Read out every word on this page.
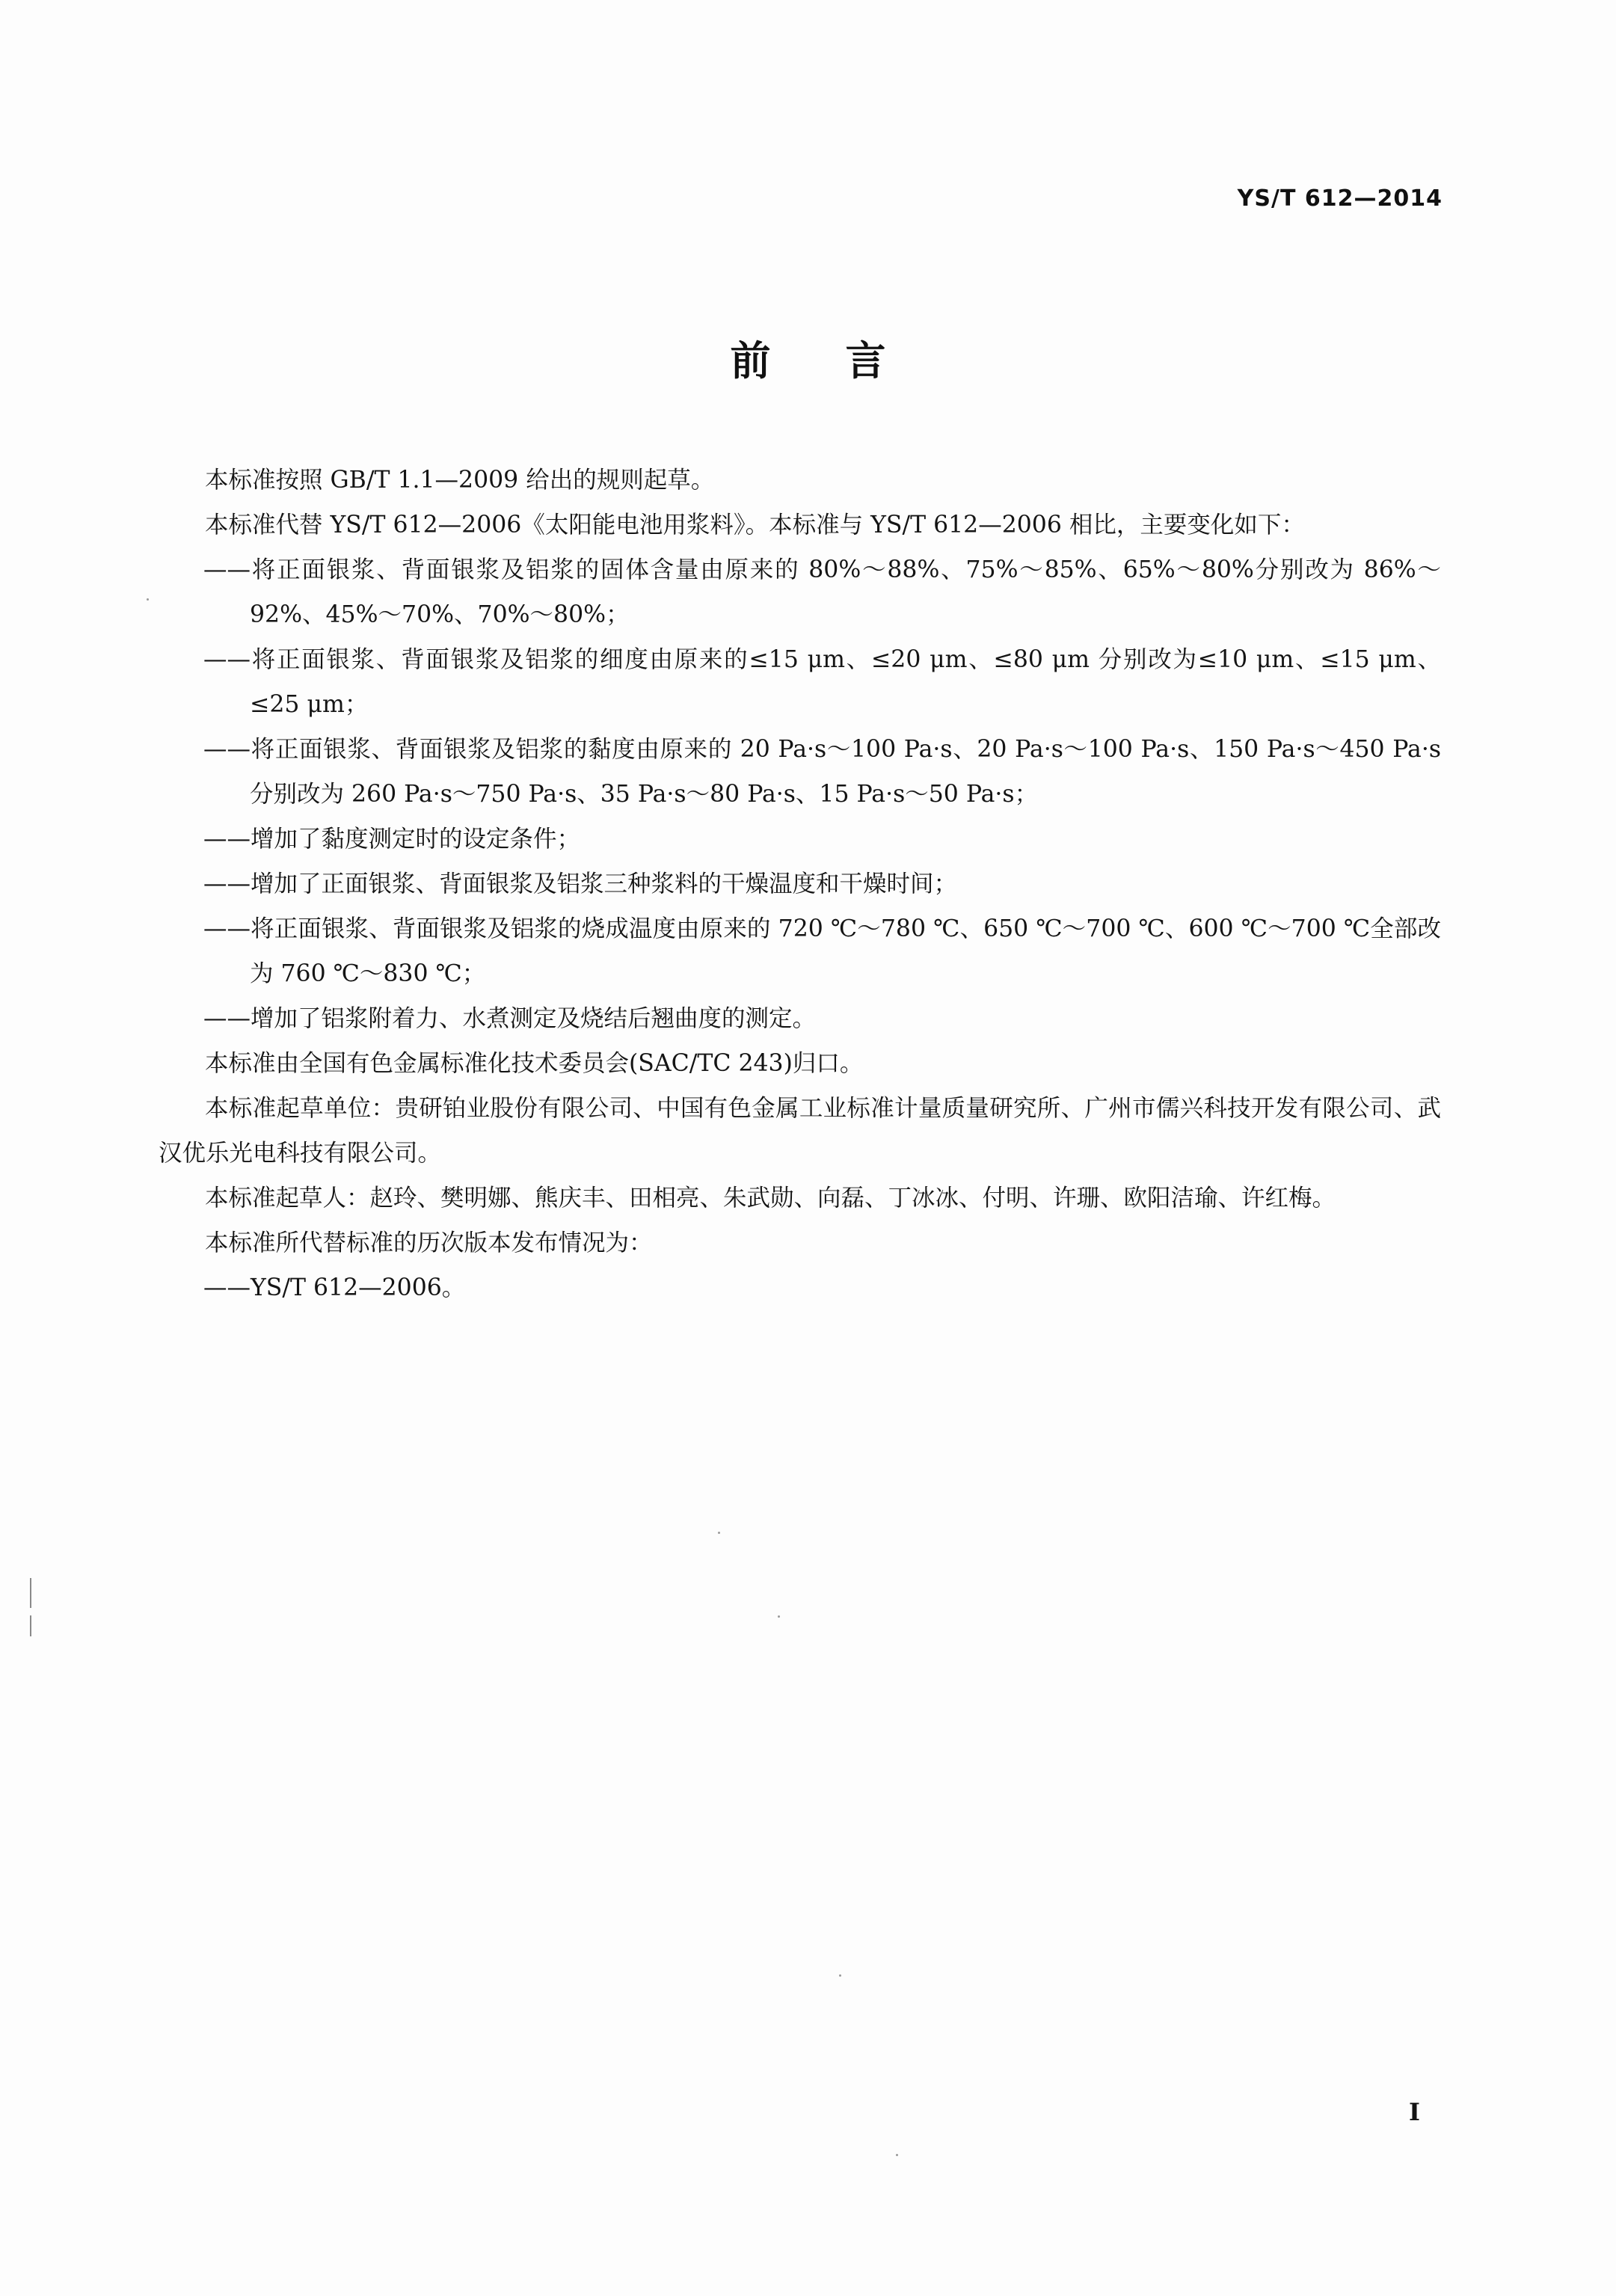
YS/T 612—2014
前言

本标准按照 GB/T 1.1—2009 给出的规则起草。

本标准代替 YS/T 612—2006《太阳能电池用浆料》。本标准与 YS/T 612—2006 相比，主要变化如下：

——将正面银浆、背面银浆及铝浆的固体含量由原来的 80%～88%、75%～85%、65%～80%分别改为 86%～92%、45%～70%、70%～80%；

——将正面银浆、背面银浆及铝浆的细度由原来的≤15 μm、≤20 μm、≤80 μm 分别改为≤10 μm、≤15 μm、≤25 μm；

——将正面银浆、背面银浆及铝浆的黏度由原来的 20 Pa·s～100 Pa·s、20 Pa·s～100 Pa·s、150 Pa·s～450 Pa·s 分别改为 260 Pa·s～750 Pa·s、35 Pa·s～80 Pa·s、15 Pa·s～50 Pa·s；

——增加了黏度测定时的设定条件；

——增加了正面银浆、背面银浆及铝浆三种浆料的干燥温度和干燥时间；

——将正面银浆、背面银浆及铝浆的烧成温度由原来的 720 ℃～780 ℃、650 ℃～700 ℃、600 ℃～700 ℃全部改为 760 ℃～830 ℃；

——增加了铝浆附着力、水煮测定及烧结后翘曲度的测定。

本标准由全国有色金属标准化技术委员会(SAC/TC 243)归口。

本标准起草单位：贵研铂业股份有限公司、中国有色金属工业标准计量质量研究所、广州市儒兴科技开发有限公司、武汉优乐光电科技有限公司。

本标准起草人：赵玲、樊明娜、熊庆丰、田相亮、朱武勋、向磊、丁冰冰、付明、许珊、欧阳洁瑜、许红梅。

本标准所代替标准的历次版本发布情况为：

——YS/T 612—2006。

I
